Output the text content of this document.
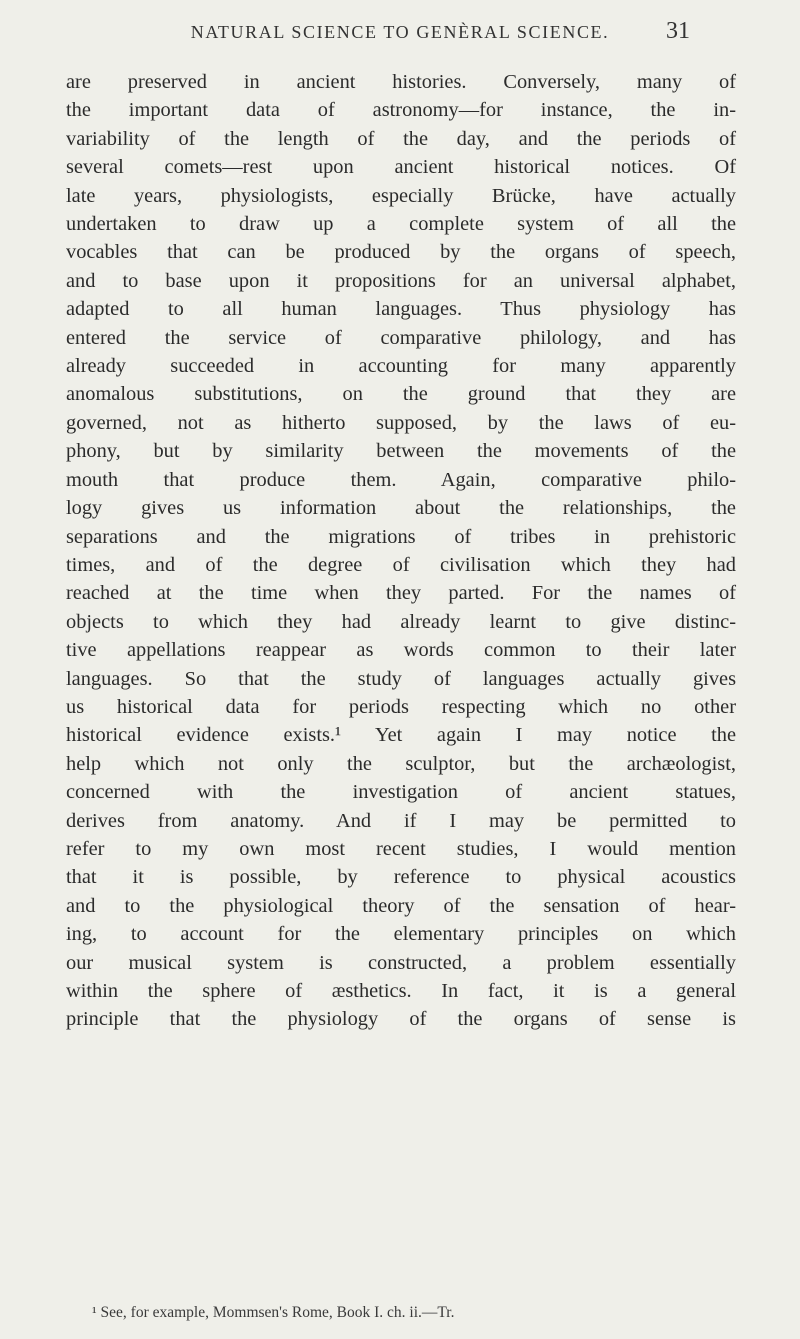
NATURAL SCIENCE TO GENÈRAL SCIENCE.	31
are preserved in ancient histories. Conversely, many of
the important data of astronomy—for instance, the in-
variability of the length of the day, and the periods of
several comets—rest upon ancient historical notices. Of
late years, physiologists, especially Brücke, have actually
undertaken to draw up a complete system of all the
vocables that can be produced by the organs of speech,
and to base upon it propositions for an universal alphabet,
adapted to all human languages. Thus physiology has
entered the service of comparative philology, and has
already succeeded in accounting for many apparently
anomalous substitutions, on the ground that they are
governed, not as hitherto supposed, by the laws of eu-
phony, but by similarity between the movements of the
mouth that produce them. Again, comparative philo-
logy gives us information about the relationships, the
separations and the migrations of tribes in prehistoric
times, and of the degree of civilisation which they had
reached at the time when they parted. For the names of
objects to which they had already learnt to give distinc-
tive appellations reappear as words common to their later
languages. So that the study of languages actually gives
us historical data for periods respecting which no other
historical evidence exists.¹ Yet again I may notice the
help which not only the sculptor, but the archæologist,
concerned with the investigation of ancient statues,
derives from anatomy. And if I may be permitted to
refer to my own most recent studies, I would mention
that it is possible, by reference to physical acoustics
and to the physiological theory of the sensation of hear-
ing, to account for the elementary principles on which
our musical system is constructed, a problem essentially
within the sphere of æsthetics. In fact, it is a general
principle that the physiology of the organs of sense is
¹ See, for example, Mommsen's Rome, Book I. ch. ii.—Tr.
